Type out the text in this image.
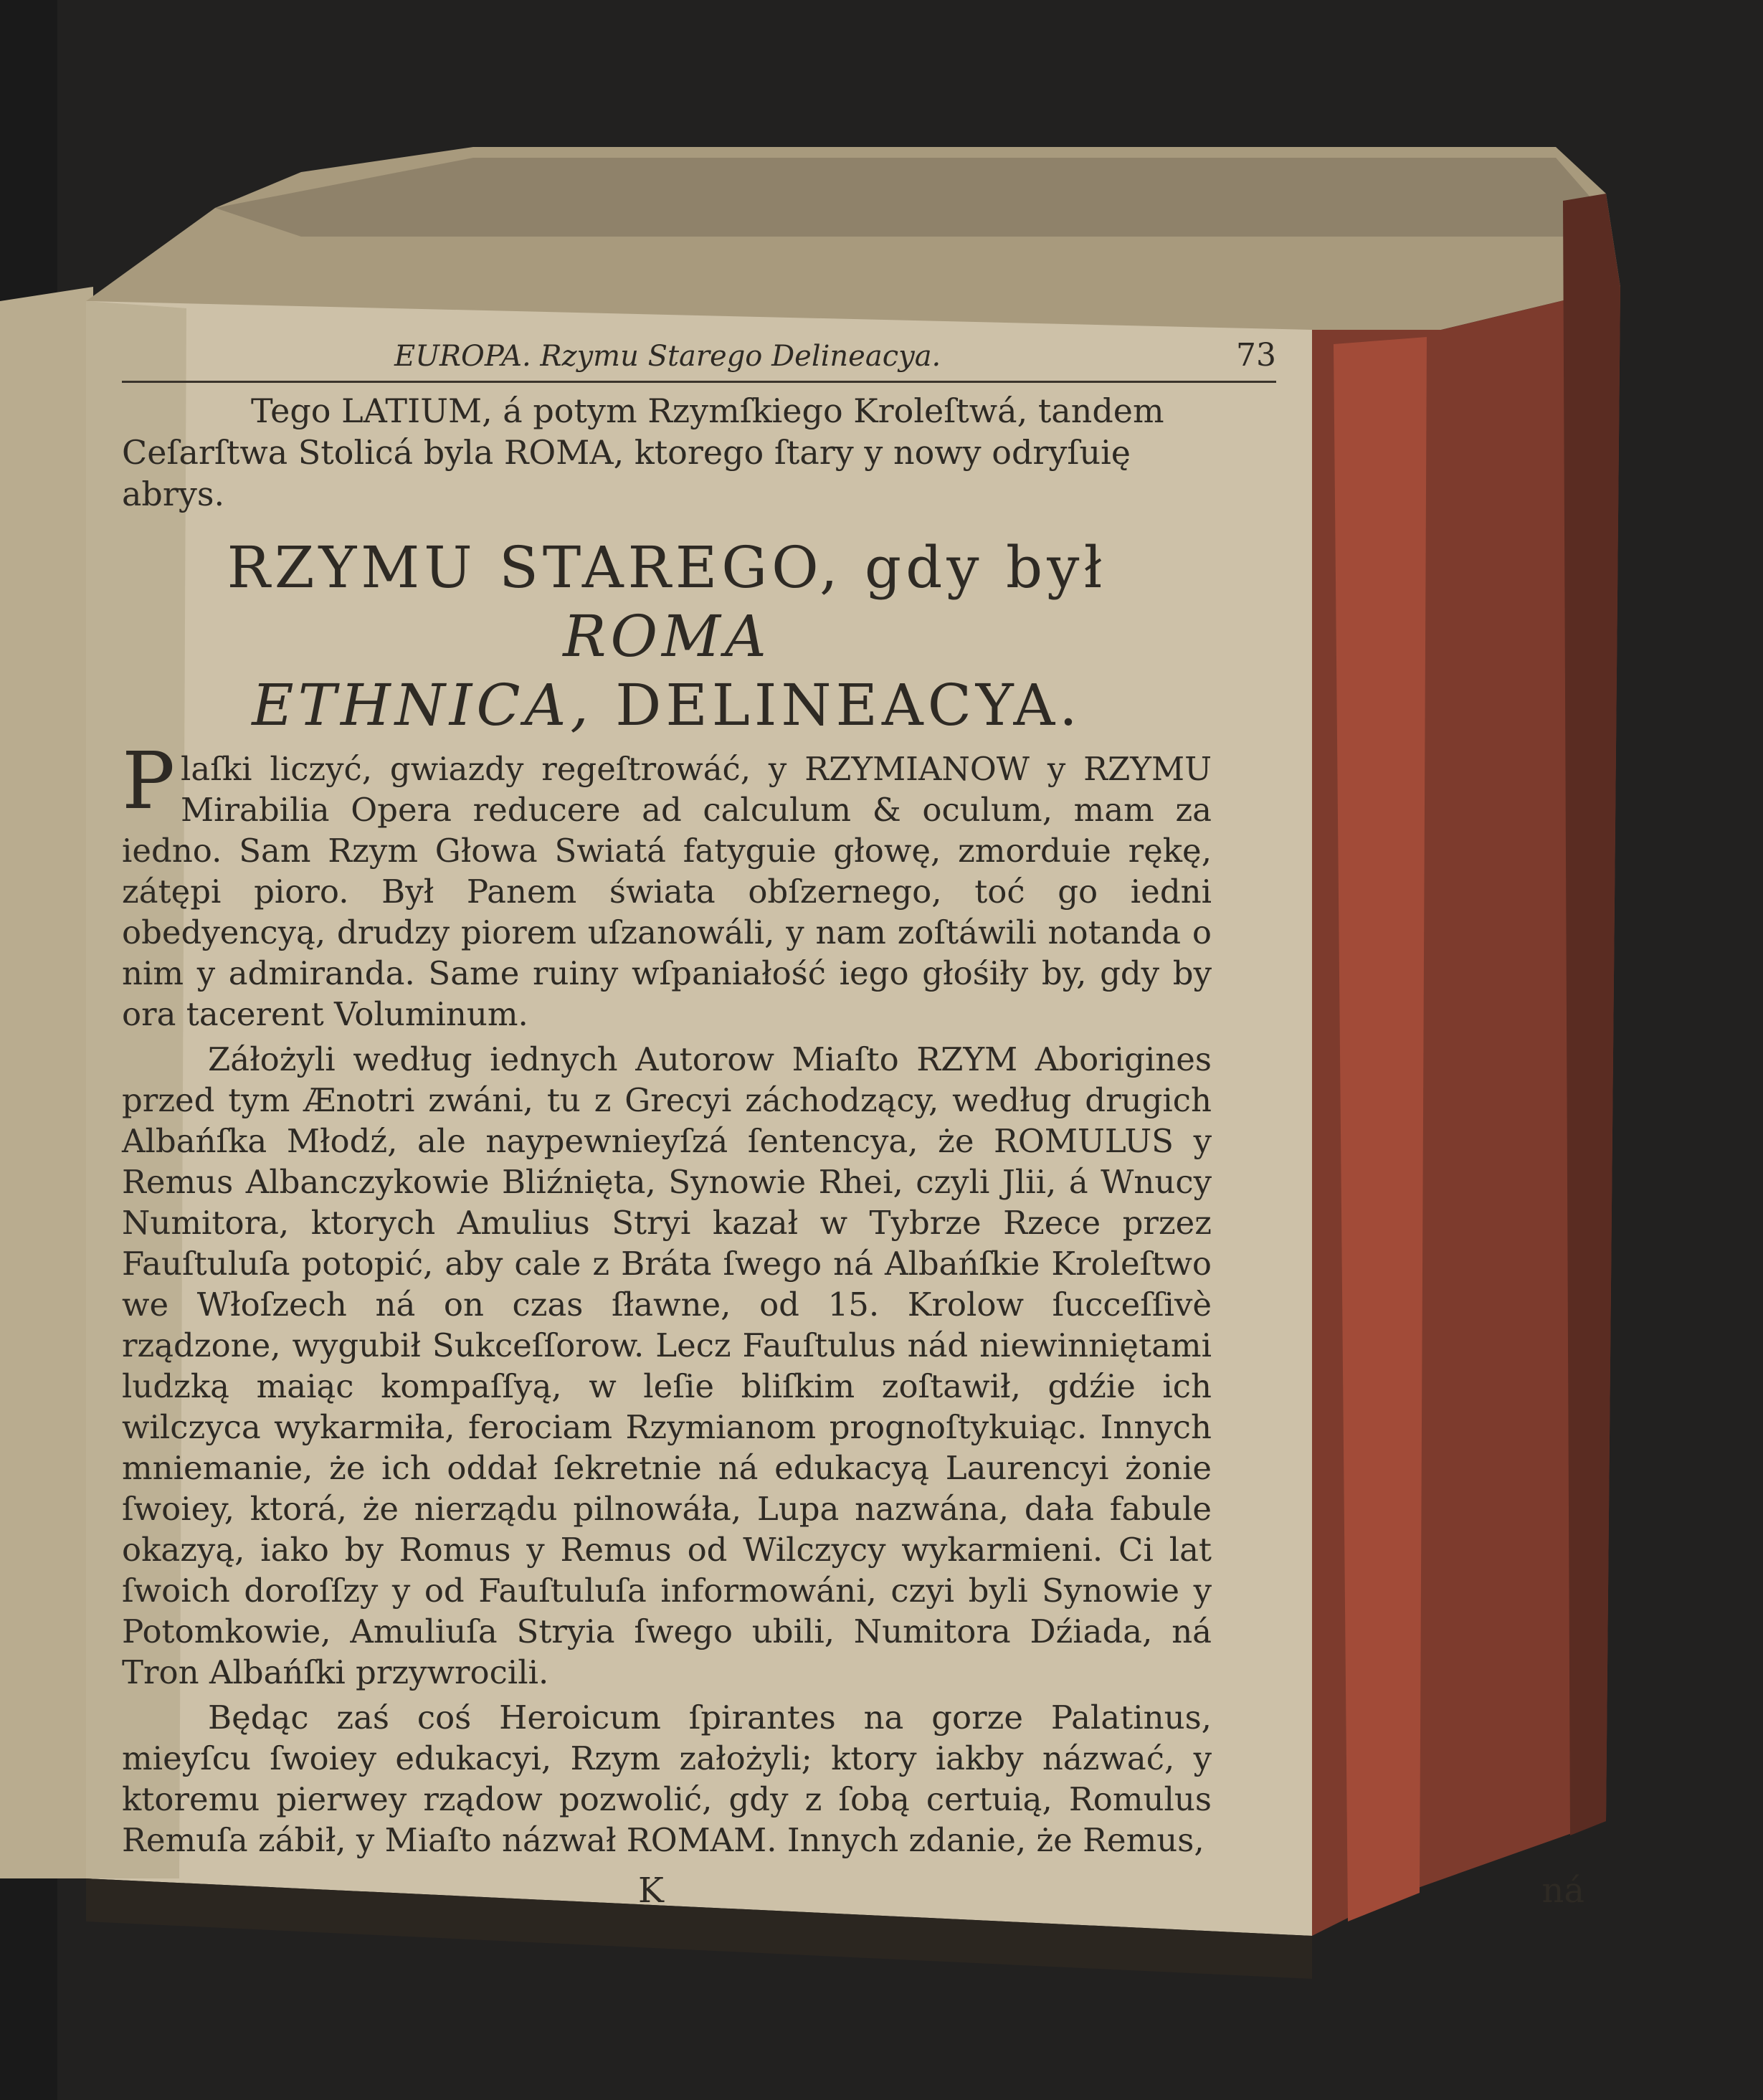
EUROPA. Rzymu Starego Delineacya.	73
Tego LATIUM, á potym Rzymſkiego Kroleſtwá, tandem Ceſarſtwa Stolicá byla ROMA, ktorego ſtary y nowy odryſuię abrys.
RZYMU STAREGO, gdy był ROMA
ETHNICA, DELINEACYA.

P laſki liczyć, gwiazdy regeſtrowáć, y RZYMIANOW y RZYMU Mirabilia Opera reducere ad calculum & oculum, mam za iedno. Sam Rzym Głowa Swiatá fatyguie głowę, zmorduie rękę, zátępi pioro. Był Panem świata obſzernego, toć go iedni obedyencyą, drudzy piorem uſzanowáli, y nam zoſtáwili notanda o nim y admiranda. Same ruiny wſpaniałość iego głośiły by, gdy by ora tacerent Voluminum.

Záłożyli według iednych Autorow Miaſto RZYM Aborigines przed tym Ænotri zwáni, tu z Grecyi záchodzący, według drugich Albańſka Młodź, ale naypewnieyſzá ſentencya, że ROMULUS y Remus Albanczykowie Bliźnięta, Synowie Rhei, czyli Jlii, á Wnucy Numitora, ktorych Amulius Stryi kazał w Tybrze Rzece przez Fauſtuluſa potopić, aby cale z Bráta ſwego ná Albańſkie Kroleſtwo we Włoſzech ná on czas ſławne, od 15. Krolow ſucceſſivè rządzone, wygubił Sukceſſorow. Lecz Fauſtulus nád niewinniętami ludzką maiąc kompaſſyą, w leſie bliſkim zoſtawił, gdźie ich wilczyca wykarmiła, ferociam Rzymianom prognoſtykuiąc. Innych mniemanie, że ich oddał ſekretnie ná edukacyą Laurencyi żonie ſwoiey, ktorá, że nierządu pilnowáła, Lupa nazwána, dała fabule okazyą, iako by Romus y Remus od Wilczycy wykarmieni. Ci lat ſwoich doroſſzy y od Fauſtuluſa informowáni, czyi byli Synowie y Potomkowie, Amuliuſa Stryia ſwego ubili, Numitora Dźiada, ná Tron Albańſki przywrocili.

Będąc zaś coś Heroicum ſpirantes na gorze Palatinus, mieyſcu ſwoiey edukacyi, Rzym założyli; ktory iakby názwać, y ktoremu pierwey rządow pozwolić, gdy z ſobą certuią, Romulus Remuſa zábił, y Miaſto názwał ROMAM. Innych zdanie, że Remus,

K	ná
